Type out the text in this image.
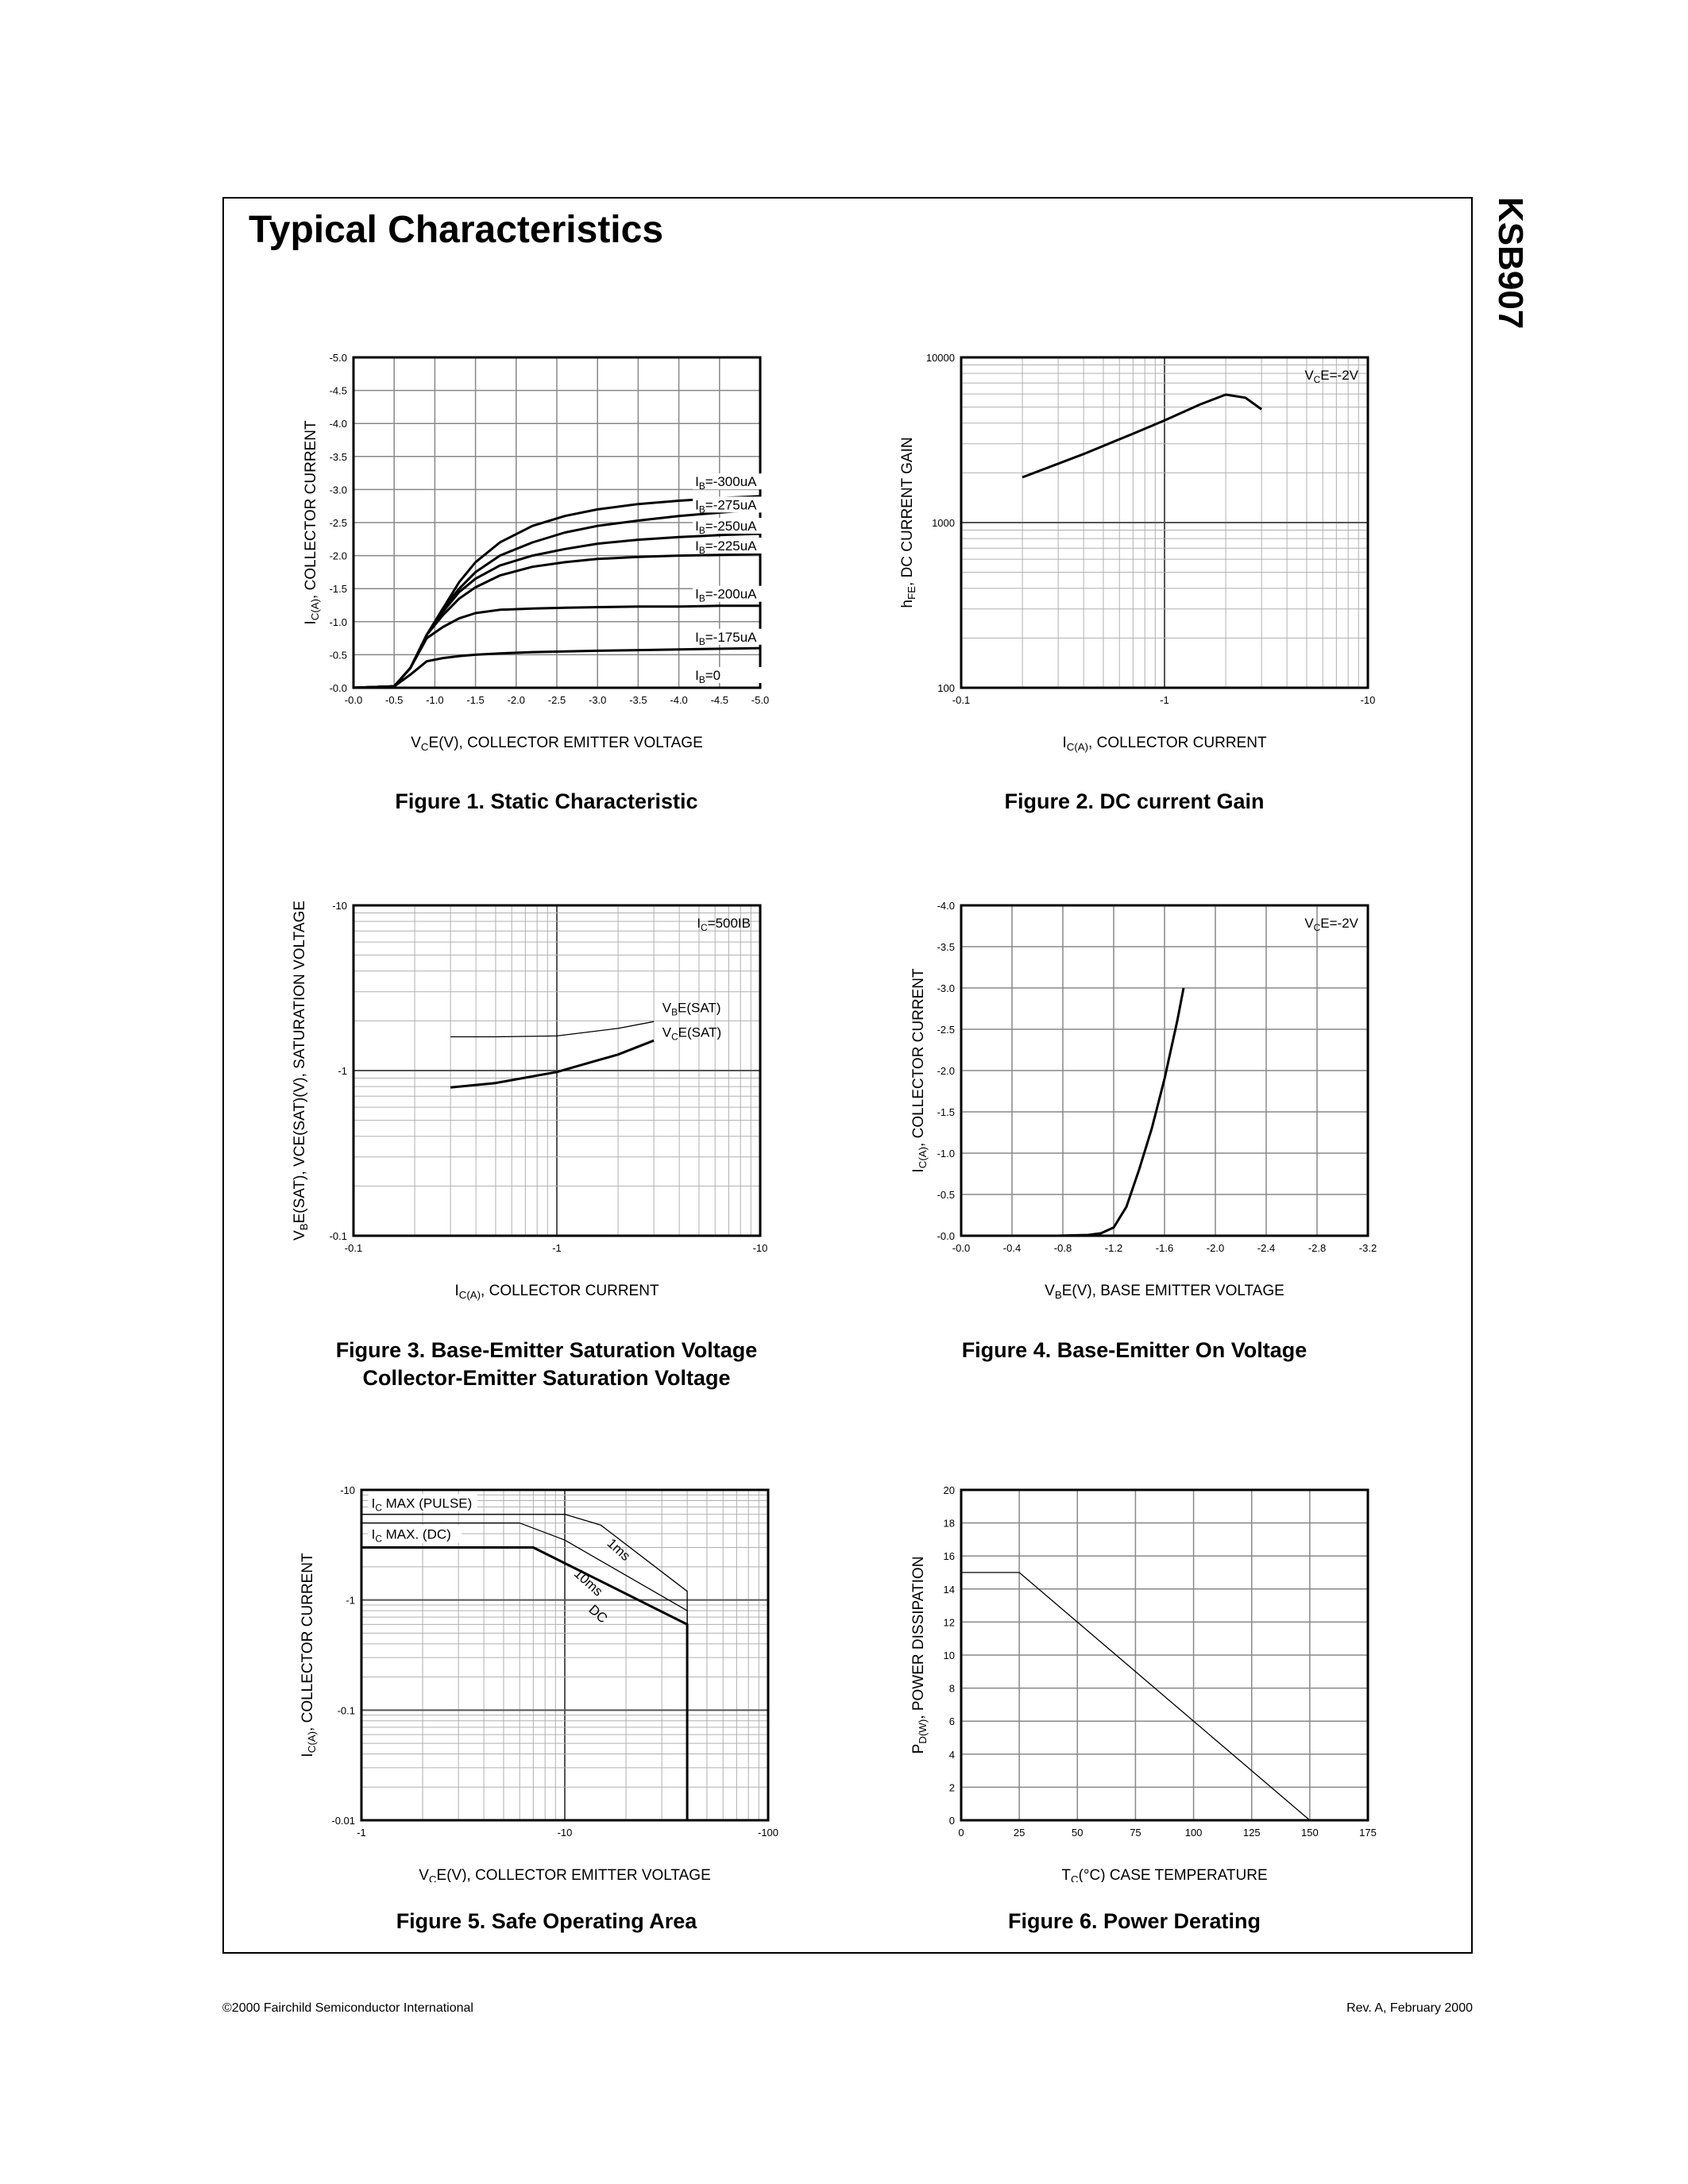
Typical Characteristics	KSB907
-0.0 -0.5 -1.0 -1.5 -2.0 -2.5 -3.0 -3.5 -4.0 -4.5 -5.0
-0.0
-0.5
-1.0
-1.5
-2.0
-2.5
-3.0
-3.5
-4.0
-4.5
-5.0
$V_CE(V)$, COLLECTOR EMITTER VOLTAGE
$I_{C(A)}$, COLLECTOR CURRENT	$I_B=-300uA$
$I_B=-275uA$
$I_B=-250uA$
$I_B=-225uA$
$I_B=-200uA$
$I_B=-175uA$
$I_B=0$
-0.1	-1	-10
100
1000
10000
$I_{C(A)}$, COLLECTOR CURRENT
$h_{FE}$, DC CURRENT GAIN
$V_CE=-2V$
-0.1	-1	-10
-0.1
-1
-10
$I_{C(A)}$, COLLECTOR CURRENT
$V_BE(SAT)$, VCE(SAT)(V), SATURATION VOLTAGE	$I_C=500IB$
$V_BE(SAT)$
$V_CE(SAT)$
-0.0	-0.4	-0.8	-1.2	-1.6	-2.0	-2.4	-2.8	-3.2
-0.0
-0.5
-1.0
-1.5
-2.0
-2.5
-3.0
-3.5
-4.0
$V_BE(V)$, BASE EMITTER VOLTAGE
$I_{C(A)}$, COLLECTOR CURRENT
$V_CE=-2V$
-1	-10	-100
-0.01
-0.1
-1
-10
$V_CE(V)$, COLLECTOR EMITTER VOLTAGE
$I_{C(A)}$, COLLECTOR CURRENT
$I_C$ MAX (PULSE)
$I_C$ MAX. (DC)
1ms
10ms
DC
0	25	50	75	100	125	150	175
0
2
4
6
8
10
12
14
16
18
20
$T_C(^\circ C)$ CASE TEMPERATURE
$P_{D(W)}$, POWER DISSIPATION
Figure 1. Static Characteristic	Figure 2. DC current Gain
Figure 3. Base-Emitter Saturation Voltage
Collector-Emitter Saturation Voltage
Figure 4. Base-Emitter On Voltage
Figure 5. Safe Operating Area	Figure 6. Power Derating
©2000 Fairchild Semiconductor International	Rev. A, February 2000
